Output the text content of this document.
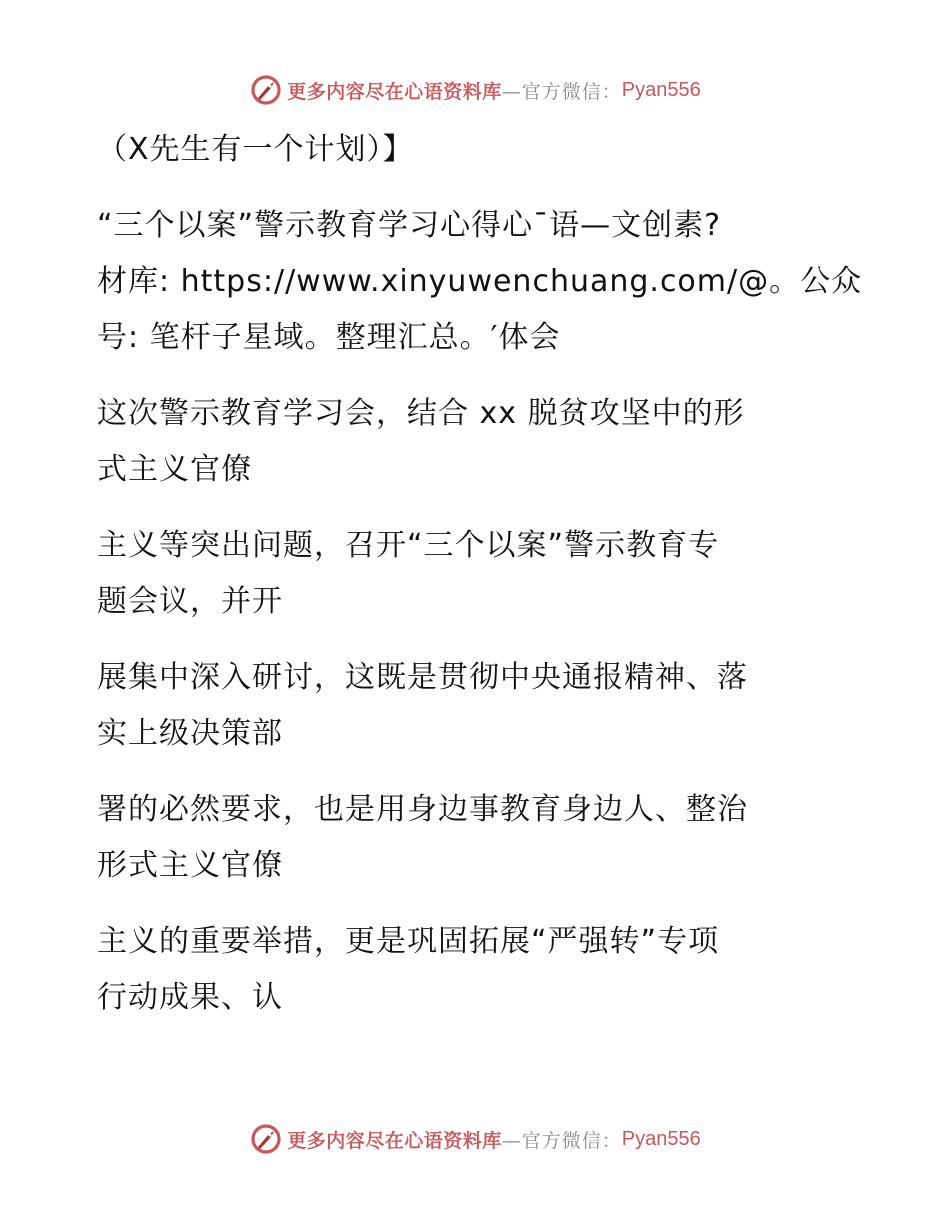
更多内容尽在心语资料库 —官方微信： Pyan556
（X先生有一个计划）】
“三个以案”警示教育学习心得心¯语—文创素?
材库: https://www.xinyuwenchuang.com/@。公众
号: 笔杆子星域。整理汇总。′体会
这次警示教育学习会，结合 xx 脱贫攻坚中的形
式主义官僚
主义等突出问题，召开“三个以案”警示教育专
题会议，并开
展集中深入研讨，这既是贯彻中央通报精神、落
实上级决策部
署的必然要求，也是用身边事教育身边人、整治
形式主义官僚
主义的重要举措，更是巩固拓展“严强转”专项
行动成果、认
更多内容尽在心语资料库 —官方微信： Pyan556
